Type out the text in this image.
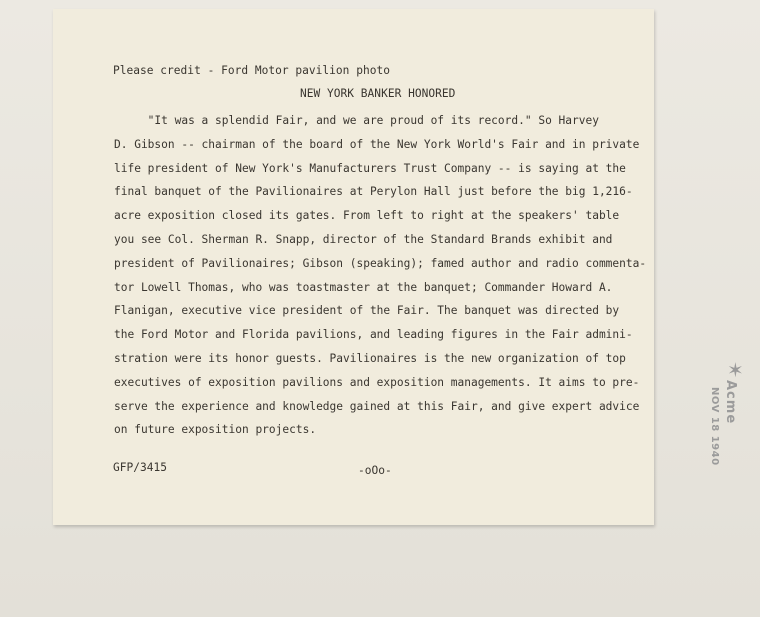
Please credit - Ford Motor pavilion photo
NEW YORK BANKER HONORED
"It was a splendid Fair, and we are proud of its record." So Harvey
D. Gibson -- chairman of the board of the New York World's Fair and in private
life president of New York's Manufacturers Trust Company -- is saying at the
final banquet of the Pavilionaires at Perylon Hall just before the big 1,216-
acre exposition closed its gates. From left to right at the speakers' table
you see Col. Sherman R. Snapp, director of the Standard Brands exhibit and
president of Pavilionaires; Gibson (speaking); famed author and radio commenta-
tor Lowell Thomas, who was toastmaster at the banquet; Commander Howard A.
Flanigan, executive vice president of the Fair. The banquet was directed by
the Ford Motor and Florida pavilions, and leading figures in the Fair admini-
stration were its honor guests. Pavilionaires is the new organization of top
executives of exposition pavilions and exposition managements. It aims to pre-
serve the experience and knowledge gained at this Fair, and give expert advice
on future exposition projects.
GFP/3415	-oOo-
✶
Acme
NOV 18 1940
